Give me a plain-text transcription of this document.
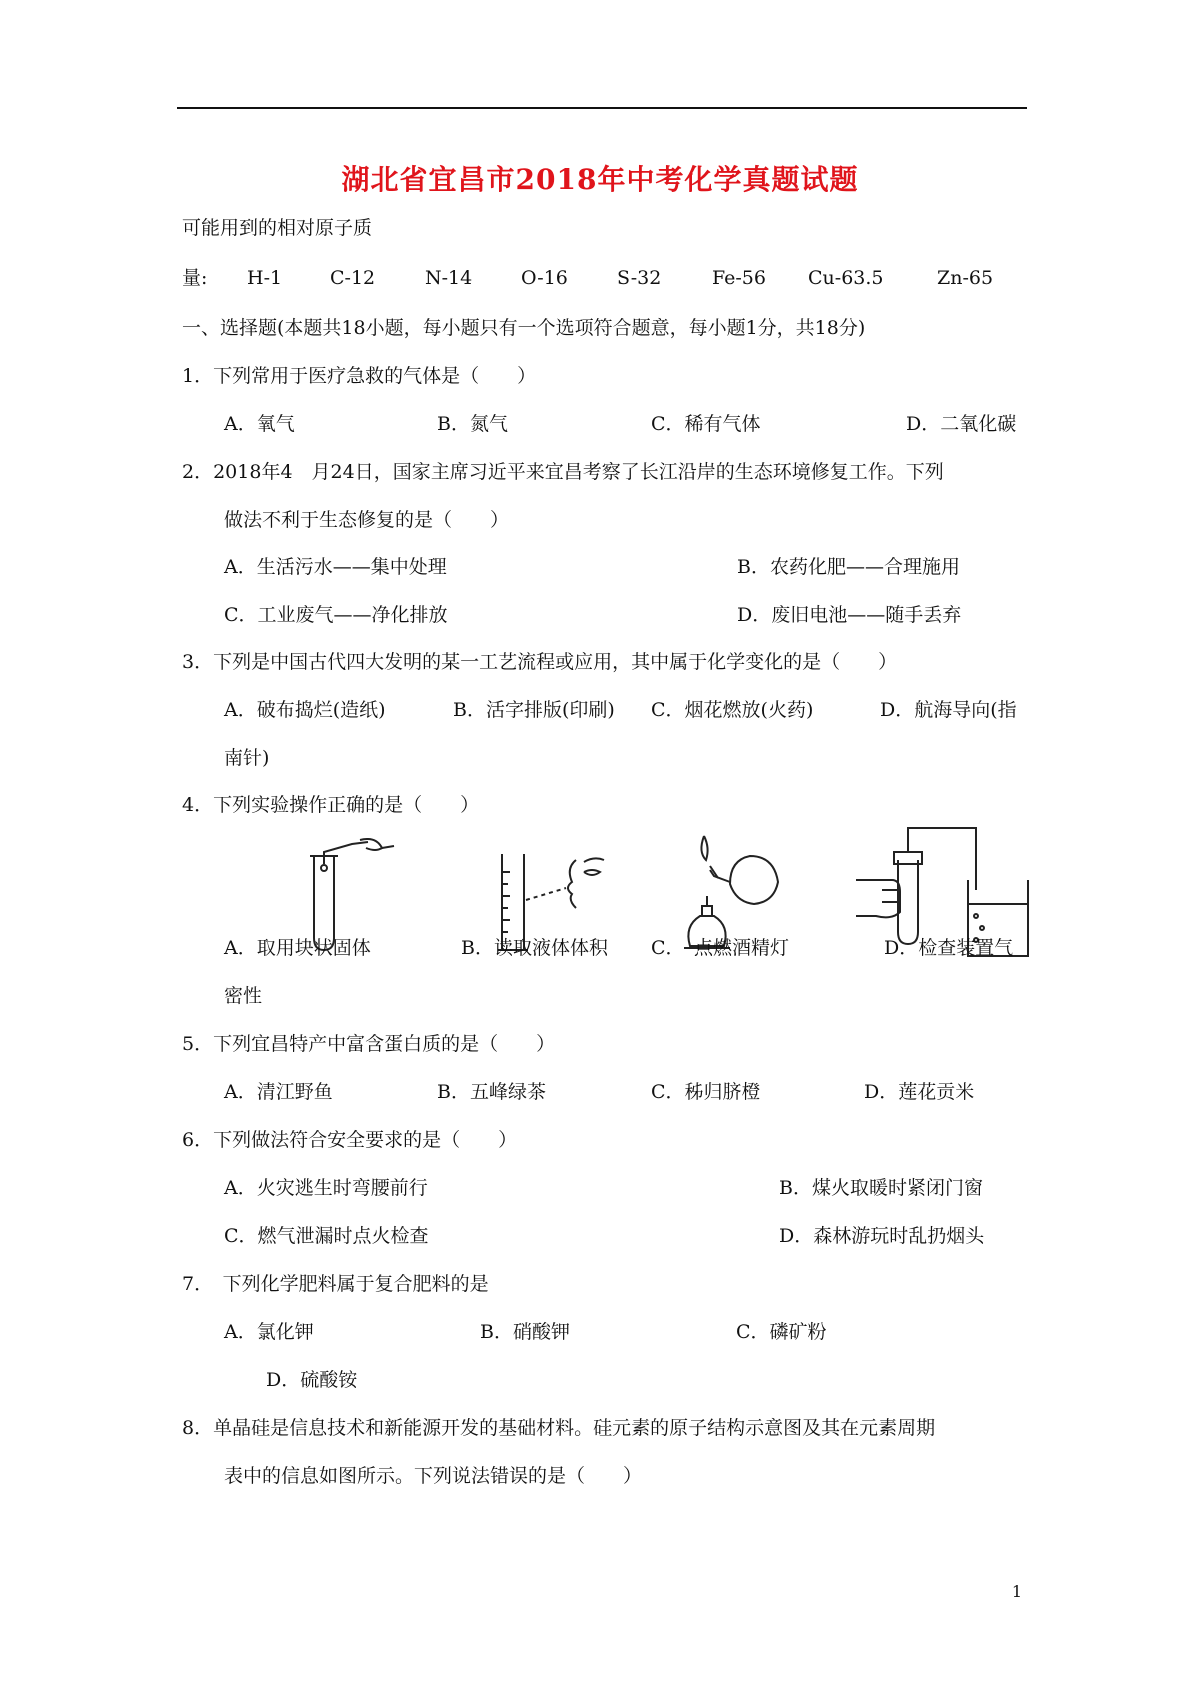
湖北省宜昌市2018年中考化学真题试题
可能用到的相对原子质
量: H-1	C-12	N-14	O-16	S-32	Fe-56 Cu-63.5	Zn-65
一、选择题(本题共18小题，每小题只有一个选项符合题意，每小题1分，共18分)
1．下列常用于医疗急救的气体是（　　）
A．氧气	B．氮气	C．稀有气体	D．二氧化碳
2．2018年4　月24日，国家主席习近平来宜昌考察了长江沿岸的生态环境修复工作。下列
做法不利于生态修复的是（　　）
A．生活污水——集中处理	B．农药化肥——合理施用
C．工业废气——净化排放	D．废旧电池——随手丢弃
3．下列是中国古代四大发明的某一工艺流程或应用，其中属于化学变化的是（　　）
A．破布捣烂(造纸)	B．活字排版(印刷) C．烟花燃放(火药)	D．航海导向(指
南针)
4．下列实验操作正确的是（　　）
A．取用块状固体	B．读取液体体积 C．　点燃酒精灯	D．检查装置气
密性
5．下列宜昌特产中富含蛋白质的是（　　）
A．清江野鱼	B．五峰绿茶	C．秭归脐橙	D．莲花贡米
6．下列做法符合安全要求的是（　　）
A．火灾逃生时弯腰前行	B．煤火取暖时紧闭门窗
C．燃气泄漏时点火检查	D．森林游玩时乱扔烟头
7．　下列化学肥料属于复合肥料的是
A．氯化钾	B．硝酸钾	C．磷矿粉
D．硫酸铵
8．单晶硅是信息技术和新能源开发的基础材料。硅元素的原子结构示意图及其在元素周期
表中的信息如图所示。下列说法错误的是（　　）
1
